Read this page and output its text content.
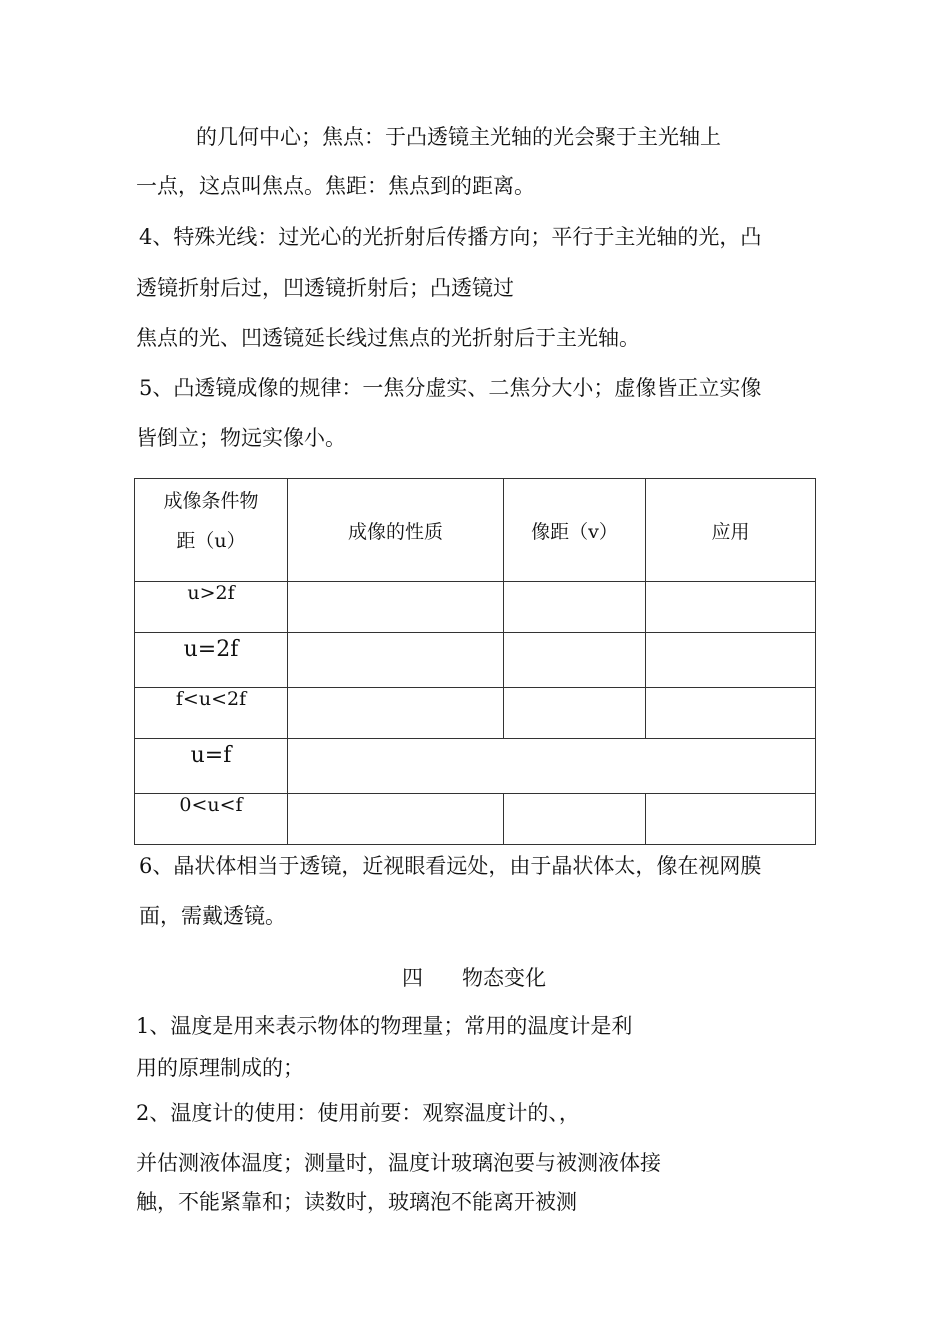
的几何中心；焦点：于凸透镜主光轴的光会聚于主光轴上
一点，这点叫焦点。焦距：焦点到的距离。
4、特殊光线：过光心的光折射后传播方向；平行于主光轴的光，凸
透镜折射后过，凹透镜折射后；凸透镜过
焦点的光、凹透镜延长线过焦点的光折射后于主光轴。
5、凸透镜成像的规律：一焦分虚实、二焦分大小；虚像皆正立实像
皆倒立；物远实像小。
成像条件物
距（u）	成像的性质	像距（v）	应用
u>2f			
u=2f			
f<u<2f			
u=f			
0<u<f			
6、晶状体相当于透镜，近视眼看远处，由于晶状体太，像在视网膜
面，需戴透镜。
四 物态变化
1、温度是用来表示物体的物理量；常用的温度计是利
用的原理制成的；
2、温度计的使用：使用前要：观察温度计的、，
并估测液体温度；测量时，温度计玻璃泡要与被测液体接
触，不能紧靠和；读数时，玻璃泡不能离开被测
